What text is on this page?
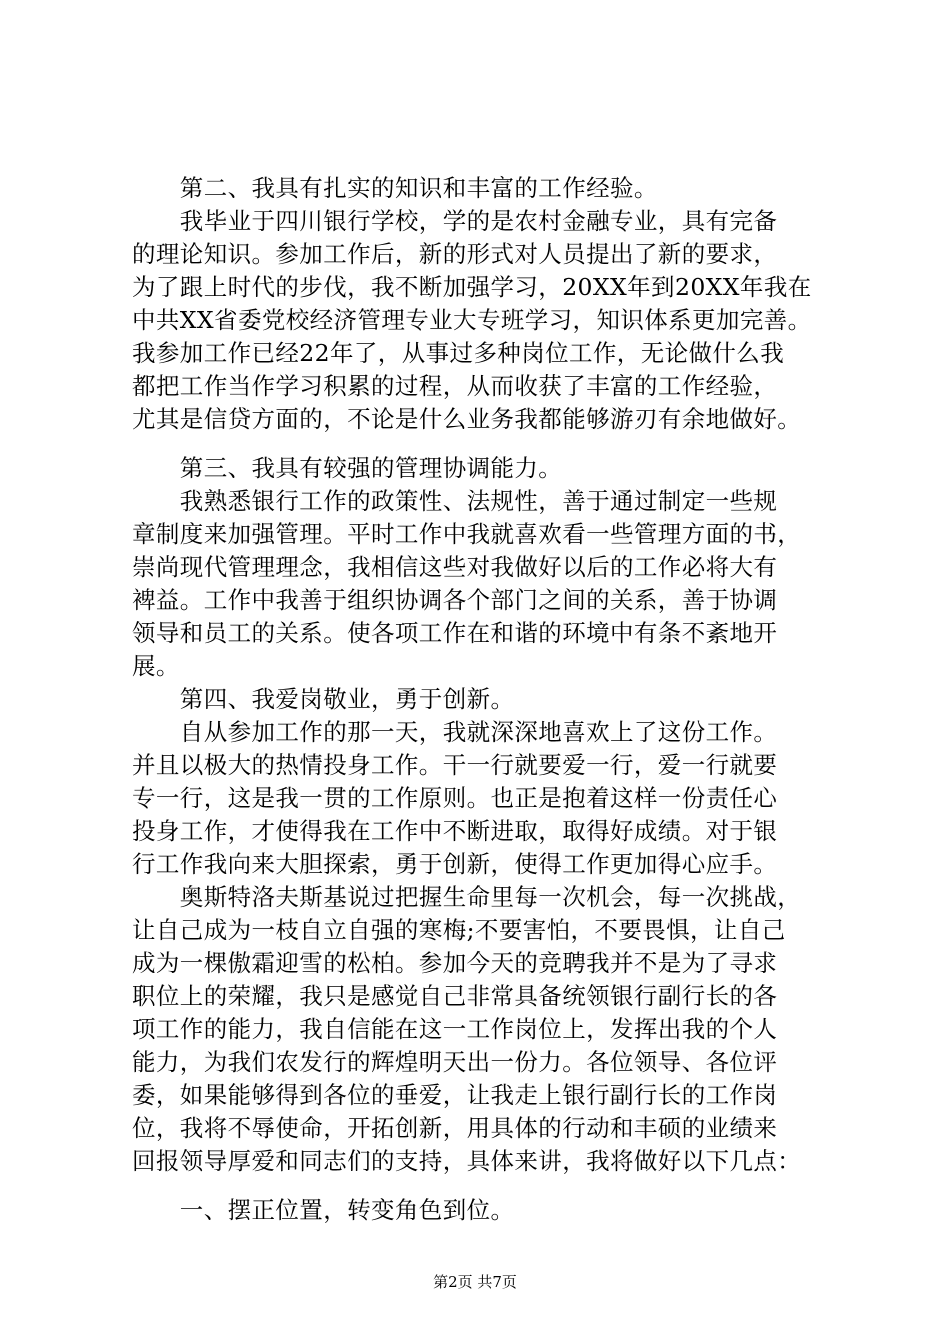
　　第二、我具有扎实的知识和丰富的工作经验。
　　我毕业于四川银行学校，学的是农村金融专业，具有完备
的理论知识。参加工作后，新的形式对人员提出了新的要求，
为了跟上时代的步伐，我不断加强学习，20XX年到20XX年我在
中共XX省委党校经济管理专业大专班学习，知识体系更加完善。
我参加工作已经22年了，从事过多种岗位工作，无论做什么我
都把工作当作学习积累的过程，从而收获了丰富的工作经验，
尤其是信贷方面的，不论是什么业务我都能够游刃有余地做好。
　　第三、我具有较强的管理协调能力。
　　我熟悉银行工作的政策性、法规性，善于通过制定一些规
章制度来加强管理。平时工作中我就喜欢看一些管理方面的书，
崇尚现代管理理念，我相信这些对我做好以后的工作必将大有
裨益。工作中我善于组织协调各个部门之间的关系，善于协调
领导和员工的关系。使各项工作在和谐的环境中有条不紊地开
展。
　　第四、我爱岗敬业，勇于创新。
　　自从参加工作的那一天，我就深深地喜欢上了这份工作。
并且以极大的热情投身工作。干一行就要爱一行，爱一行就要
专一行，这是我一贯的工作原则。也正是抱着这样一份责任心
投身工作，才使得我在工作中不断进取，取得好成绩。对于银
行工作我向来大胆探索，勇于创新，使得工作更加得心应手。
　　奥斯特洛夫斯基说过把握生命里每一次机会，每一次挑战，
让自己成为一枝自立自强的寒梅;不要害怕，不要畏惧，让自己
成为一棵傲霜迎雪的松柏。参加今天的竞聘我并不是为了寻求
职位上的荣耀，我只是感觉自己非常具备统领银行副行长的各
项工作的能力，我自信能在这一工作岗位上，发挥出我的个人
能力，为我们农发行的辉煌明天出一份力。各位领导、各位评
委，如果能够得到各位的垂爱，让我走上银行副行长的工作岗
位，我将不辱使命，开拓创新，用具体的行动和丰硕的业绩来
回报领导厚爱和同志们的支持，具体来讲，我将做好以下几点：
　　一、摆正位置，转变角色到位。
第2页 共7页
